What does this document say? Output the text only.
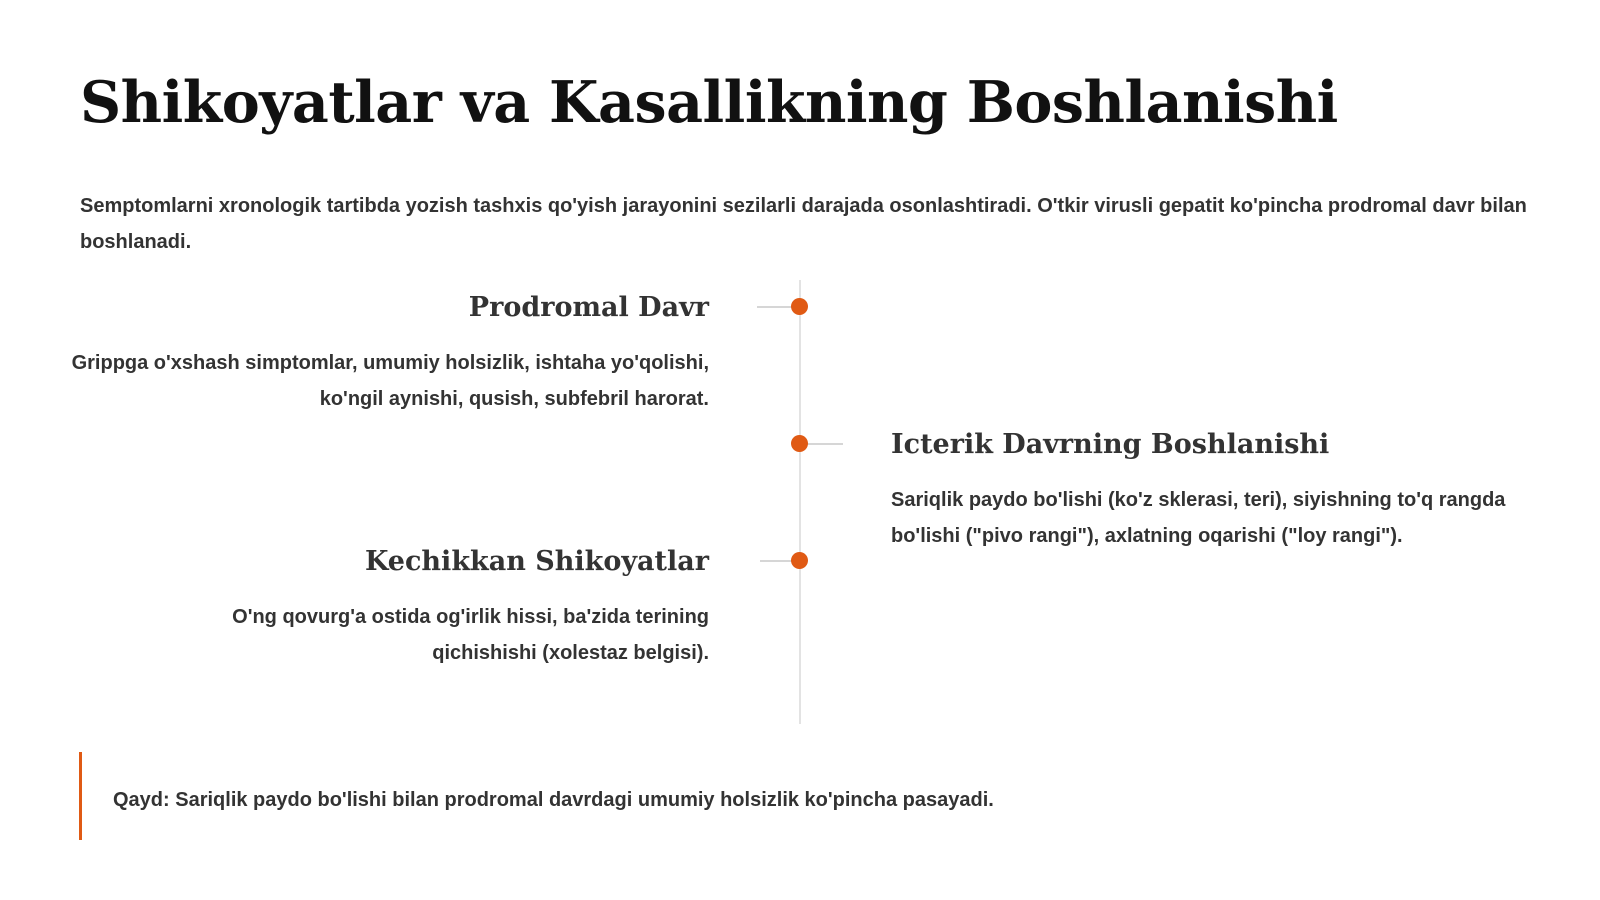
Shikoyatlar va Kasallikning Boshlanishi

Semptomlarni xronologik tartibda yozish tashxis qo'yish jarayonini sezilarli darajada osonlashtiradi. O'tkir virusli gepatit ko'pincha prodromal davr bilan boshlanadi.

Prodromal Davr

Grippga o'xshash simptomlar, umumiy holsizlik, ishtaha yo'qolishi, ko'ngil aynishi, qusish, subfebril harorat.

Icterik Davrning Boshlanishi

Sariqlik paydo bo'lishi (ko'z sklerasi, teri), siyishning to'q rangda bo'lishi ("pivo rangi"), axlatning oqarishi ("loy rangi").

Kechikkan Shikoyatlar

O'ng qovurg'a ostida og'irlik hissi, ba'zida terining qichishishi (xolestaz belgisi).

Qayd: Sariqlik paydo bo'lishi bilan prodromal davrdagi umumiy holsizlik ko'pincha pasayadi.
